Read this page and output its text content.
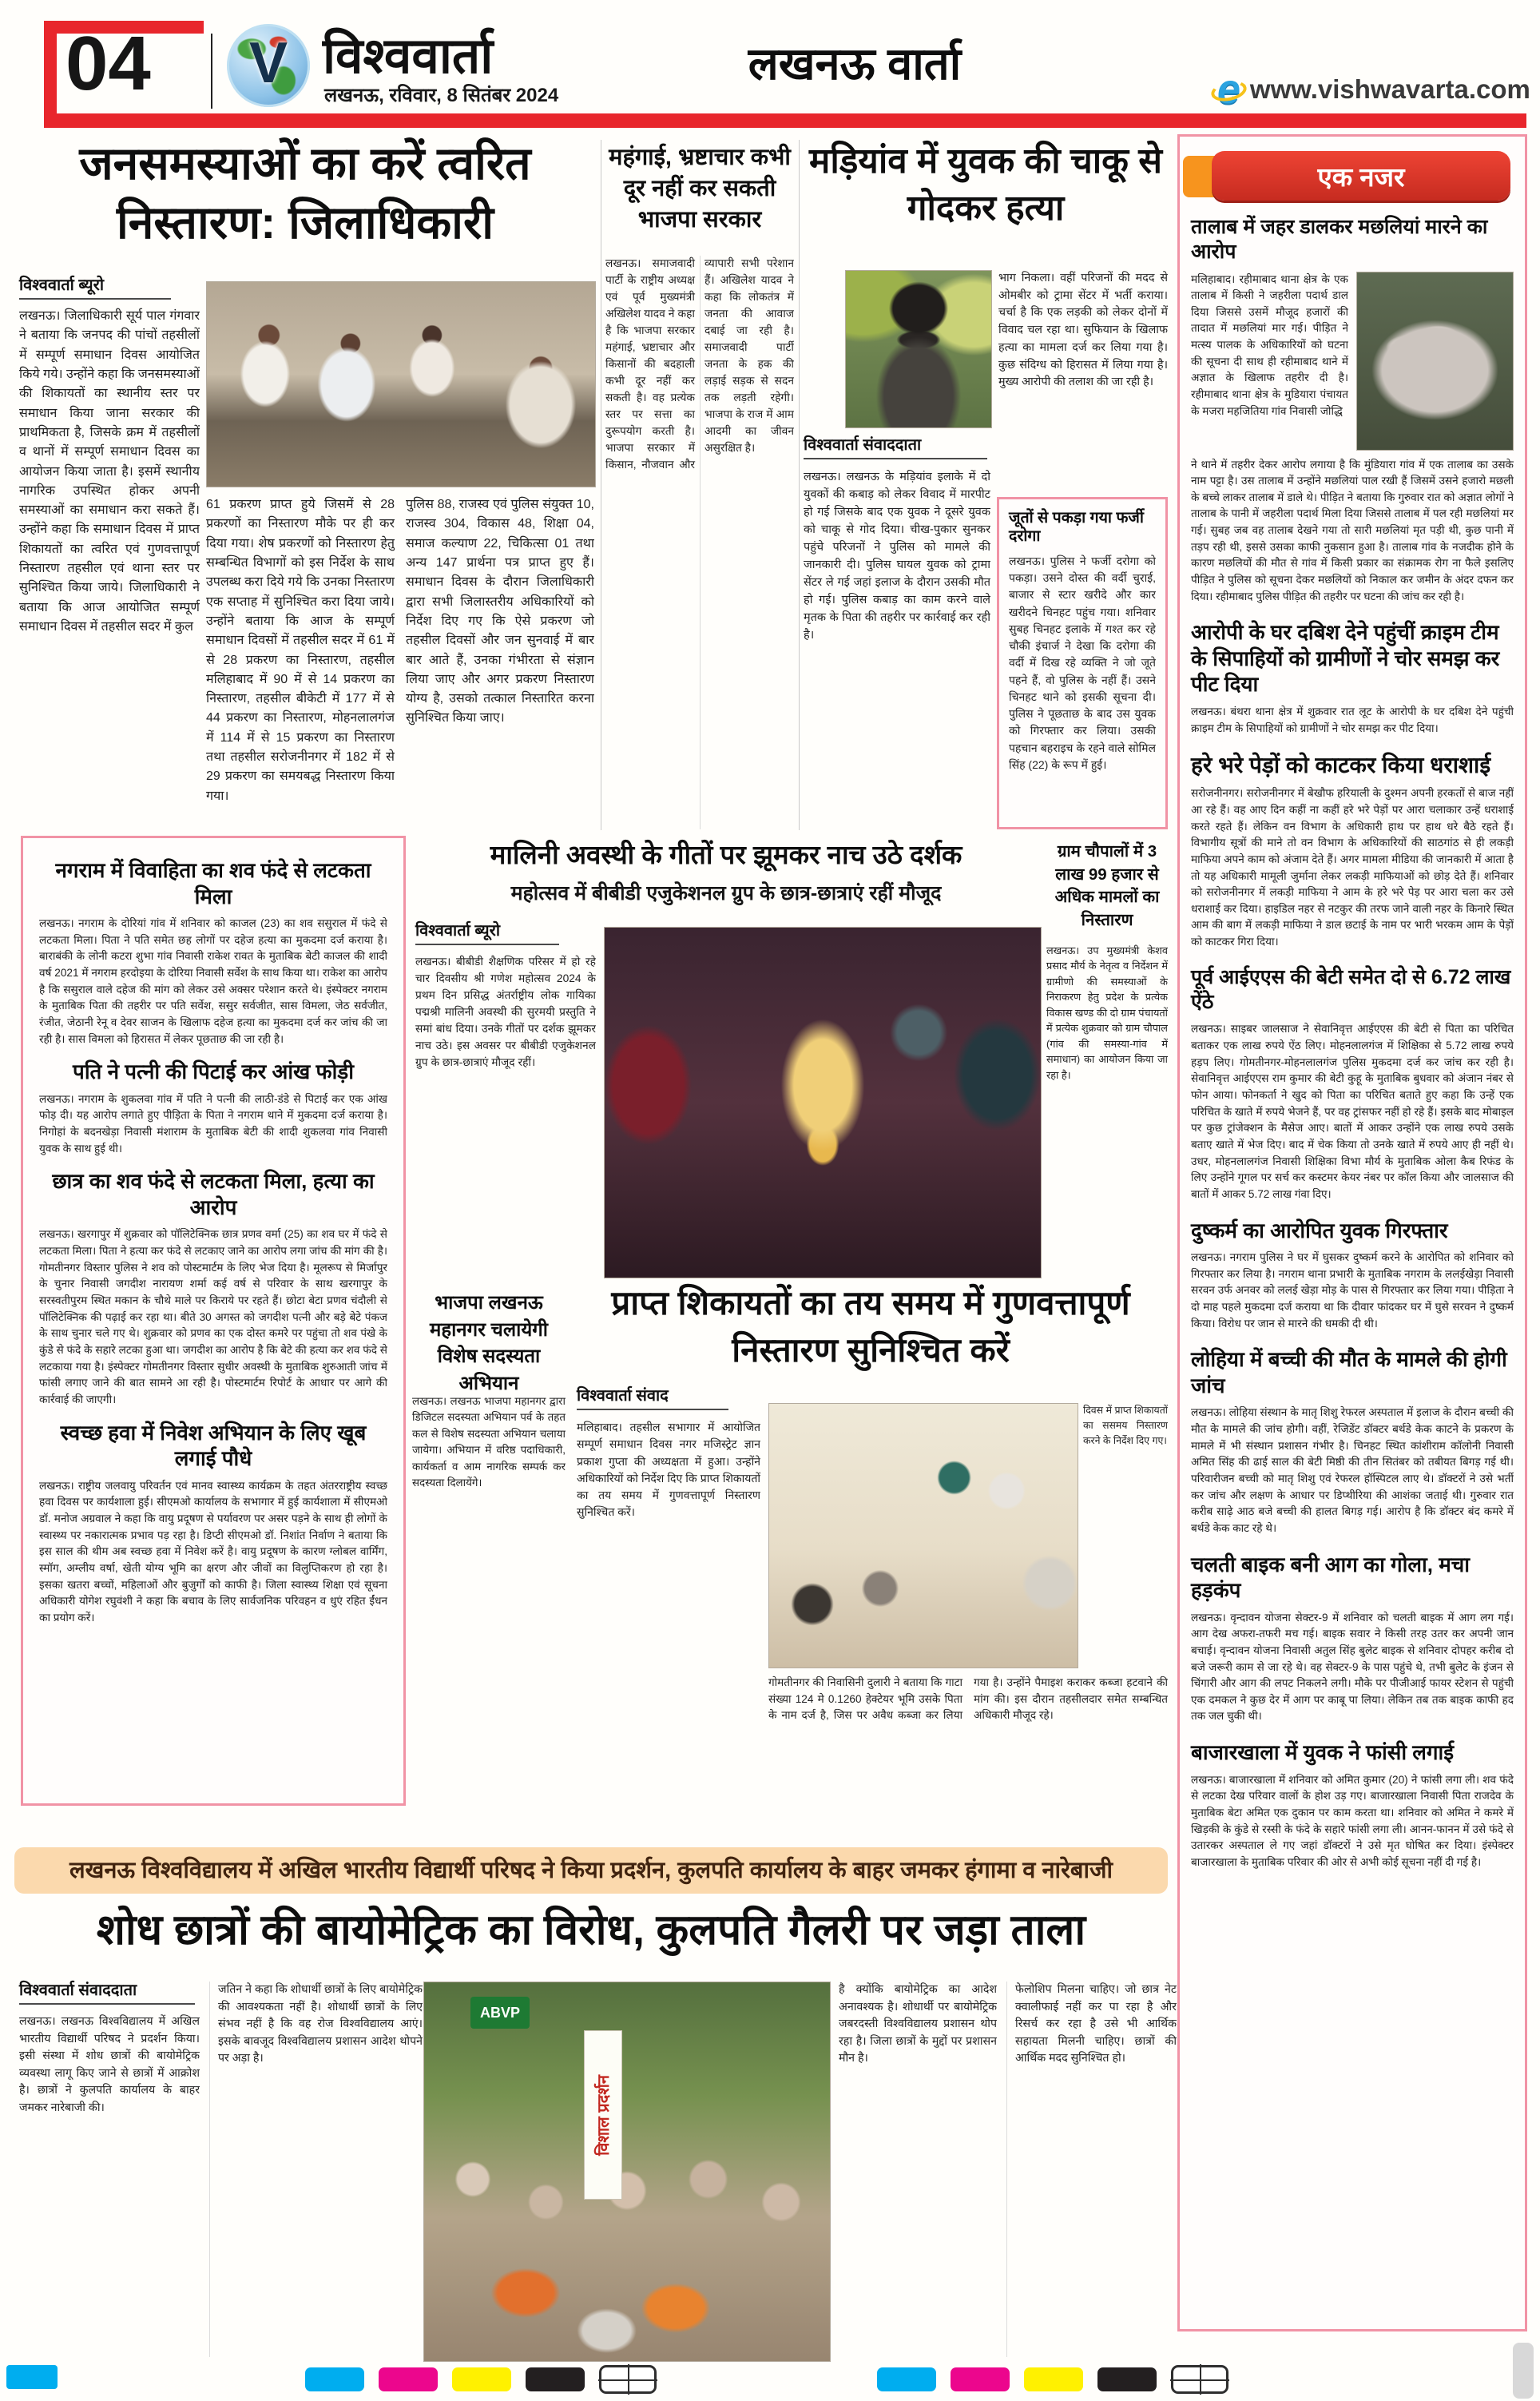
04	V विश्ववार्ता
लखनऊ, रविवार, 8 सितंबर 2024
लखनऊ वार्ता
e www.vishwavarta.com
जनसमस्याओं का करें त्वरित निस्तारण: जिलाधिकारी
विश्ववार्ता ब्यूरो
लखनऊ। जिलाधिकारी सूर्य पाल गंगवार ने बताया कि जनपद की पांचों तहसीलों में सम्पूर्ण समाधान दिवस आयोजित किये गये। उन्होंने कहा कि जनसमस्याओं की शिकायतों का स्थानीय स्तर पर समाधान किया जाना सरकार की प्राथमिकता है, जिसके क्रम में तहसीलों व थानों में सम्पूर्ण समाधान दिवस का आयोजन किया जाता है। इसमें स्थानीय नागरिक उपस्थित होकर अपनी समस्याओं का समाधान करा सकते हैं। उन्होंने कहा कि समाधान दिवस में प्राप्त शिकायतों का त्वरित एवं गुणवत्तापूर्ण निस्तारण तहसील एवं थाना स्तर पर सुनिश्चित किया जाये। जिलाधिकारी ने बताया कि आज आयोजित सम्पूर्ण समाधान दिवस में तहसील सदर में कुल
61 प्रकरण प्राप्त हुये जिसमें से 28 प्रकरणों का निस्तारण मौके पर ही कर दिया गया। शेष प्रकरणों को निस्तारण हेतु सम्बन्धित विभागों को इस निर्देश के साथ उपलब्ध करा दिये गये कि उनका निस्तारण एक सप्ताह में सुनिश्चित करा दिया जाये। उन्होंने बताया कि आज के सम्पूर्ण समाधान दिवसों में तहसील सदर में 61 में से 28 प्रकरण का निस्तारण, तहसील मलिहाबाद में 90 में से 14 प्रकरण का निस्तारण, तहसील बीकेटी में 177 में से 44 प्रकरण का निस्तारण, मोहनलालगंज में 114 में से 15 प्रकरण का निस्तारण तथा तहसील सरोजनीनगर में 182 में से 29 प्रकरण का समयबद्ध निस्तारण किया गया।
पुलिस 88, राजस्व एवं पुलिस संयुक्त 10, राजस्व 304, विकास 48, शिक्षा 04, समाज कल्याण 22, चिकित्सा 01 तथा अन्य 147 प्रार्थना पत्र प्राप्त हुए हैं। समाधान दिवस के दौरान जिलाधिकारी द्वारा सभी जिलास्तरीय अधिकारियों को निर्देश दिए गए कि ऐसे प्रकरण जो तहसील दिवसों और जन सुनवाई में बार बार आते हैं, उनका गंभीरता से संज्ञान लिया जाए और अगर प्रकरण निस्तारण योग्य है, उसको तत्काल निस्तारित करना सुनिश्चित किया जाए।
महंगाई, भ्रष्टाचार कभी दूर नहीं कर सकती भाजपा सरकार
लखनऊ। समाजवादी पार्टी के राष्ट्रीय अध्यक्ष एवं पूर्व मुख्यमंत्री अखिलेश यादव ने कहा है कि भाजपा सरकार महंगाई, भ्रष्टाचार और किसानों की बदहाली कभी दूर नहीं कर सकती है। वह प्रत्येक स्तर पर सत्ता का दुरूपयोग करती है। भाजपा सरकार में किसान, नौजवान और व्यापारी सभी परेशान हैं। अखिलेश यादव ने कहा कि लोकतंत्र में जनता की आवाज दबाई जा रही है। समाजवादी पार्टी जनता के हक की लड़ाई सड़क से सदन तक लड़ती रहेगी। भाजपा के राज में आम आदमी का जीवन असुरक्षित है।
मड़ियांव में युवक की चाकू से गोदकर हत्या
भाग निकला। वहीं परिजनों की मदद से ओमबीर को ट्रामा सेंटर में भर्ती कराया। चर्चा है कि एक लड़की को लेकर दोनों में विवाद चल रहा था। सुफियान के खिलाफ हत्या का मामला दर्ज कर लिया गया है। कुछ संदिग्ध को हिरासत में लिया गया है। मुख्य आरोपी की तलाश की जा रही है।
विश्ववार्ता संवाददाता
लखनऊ। लखनऊ के मड़ियांव इलाके में दो युवकों की कबाड़ को लेकर विवाद में मारपीट हो गई जिसके बाद एक युवक ने दूसरे युवक को चाकू से गोद दिया। चीख-पुकार सुनकर पहुंचे परिजनों ने पुलिस को मामले की जानकारी दी। पुलिस घायल युवक को ट्रामा सेंटर ले गई जहां इलाज के दौरान उसकी मौत हो गई। पुलिस कबाड़ का काम करने वाले मृतक के पिता की तहरीर पर कार्रवाई कर रही है।
जूतों से पकड़ा गया फर्जी दरोगा
लखनऊ। पुलिस ने फर्जी दरोगा को पकड़ा। उसने दोस्त की वर्दी चुराई, बाजार से स्टार खरीदे और कार खरीदने चिनहट पहुंच गया। शनिवार सुबह चिनहट इलाके में गश्त कर रहे चौकी इंचार्ज ने देखा कि दरोगा की वर्दी में दिख रहे व्यक्ति ने जो जूते पहने हैं, वो पुलिस के नहीं हैं। उसने चिनहट थाने को इसकी सूचना दी। पुलिस ने पूछताछ के बाद उस युवक को गिरफ्तार कर लिया। उसकी पहचान बहराइच के रहने वाले सोमिल सिंह (22) के रूप में हुई।
एक नजर
तालाब में जहर डालकर मछलियां मारने का आरोप
मलिहाबाद। रहीमाबाद थाना क्षेत्र के एक तालाब में किसी ने जहरीला पदार्थ डाल दिया जिससे उसमें मौजूद हजारों की तादात में मछलियां मार गई। पीड़ित ने मत्स्य पालक के अधिकारियों को घटना की सूचना दी साथ ही रहीमाबाद थाने में अज्ञात के खिलाफ तहरीर दी है। रहीमाबाद थाना क्षेत्र के मुडियारा पंचायत के मजरा महजितिया गांव निवासी जोद्धि
ने थाने में तहरीर देकर आरोप लगाया है कि मुंडियारा गांव में एक तालाब का उसके नाम पट्टा है। उस तालाब में उन्होंने मछलियां पाल रखी हैं जिसमें उसने हजारो मछली के बच्चे लाकर तालाब में डाले थे। पीड़ित ने बताया कि गुरुवार रात को अज्ञात लोगों ने तालाब के पानी में जहरीला पदार्थ मिला दिया जिससे तालाब में पल रही मछलियां मर गई। सुबह जब वह तालाब देखने गया तो सारी मछलियां मृत पड़ी थी, कुछ पानी में तड़प रही थी, इससे उसका काफी नुकसान हुआ है। तालाब गांव के नजदीक होने के कारण मछलियों की मौत से गांव में किसी प्रकार का संक्रामक रोग ना फैले इसलिए पीड़ित ने पुलिस को सूचना देकर मछलियों को निकाल कर जमीन के अंदर दफन कर दिया। रहीमाबाद पुलिस पीड़ित की तहरीर पर घटना की जांच कर रही है।
आरोपी के घर दबिश देने पहुंचीं क्राइम टीम के सिपाहियों को ग्रामीणों ने चोर समझ कर पीट दिया
लखनऊ। बंथरा थाना क्षेत्र में शुक्रवार रात लूट के आरोपी के घर दबिश देने पहुंची क्राइम टीम के सिपाहियों को ग्रामीणों ने चोर समझ कर पीट दिया।
हरे भरे पेड़ों को काटकर किया धराशाई
सरोजनीनगर। सरोजनीनगर में बेखौफ हरियाली के दुश्मन अपनी हरकतों से बाज नहीं आ रहे हैं। वह आए दिन कहीं ना कहीं हरे भरे पेड़ों पर आरा चलाकार उन्हें धराशाई करते रहते हैं। लेकिन वन विभाग के अधिकारी हाथ पर हाथ धरे बैठे रहते हैं। विभागीय सूत्रों की माने तो वन विभाग के अधिकारियों की साठगांठ से ही लकड़ी माफिया अपने काम को अंजाम देते हैं। अगर मामला मीडिया की जानकारी में आता है तो यह अधिकारी मामूली जुर्माना लेकर लकड़ी माफियाओं को छोड़ देते हैं। शनिवार को सरोजनीनगर में लकड़ी माफिया ने आम के हरे भरे पेड़ पर आरा चला कर उसे धराशाई कर दिया। हाइडिल नहर से नटकुर की तरफ जाने वाली नहर के किनारे स्थित आम की बाग में लकड़ी माफिया ने डाल छटाई के नाम पर भारी भरकम आम के पेड़ों को काटकर गिरा दिया।
पूर्व आईएएस की बेटी समेत दो से 6.72 लाख ऐंठे
लखनऊ। साइबर जालसाज ने सेवानिवृत्त आईएएस की बेटी से पिता का परिचित बताकर एक लाख रुपये ऐंठ लिए। मोहनलालगंज में शिक्षिका से 5.72 लाख रुपये हड़प लिए। गोमतीनगर-मोहनलालगंज पुलिस मुकदमा दर्ज कर जांच कर रही है। सेवानिवृत्त आईएएस राम कुमार की बेटी कुहू के मुताबिक बुधवार को अंजान नंबर से फोन आया। फोनकर्ता ने खुद को पिता का परिचित बताते हुए कहा कि उन्हें एक परिचित के खाते में रुपये भेजने हैं, पर वह ट्रांसफर नहीं हो रहे हैं। इसके बाद मोबाइल पर कुछ ट्रांजेक्शन के मैसेज आए। बातों में आकर उन्होंने एक लाख रुपये उसके बताए खाते में भेज दिए। बाद में चेक किया तो उनके खाते में रुपये आए ही नहीं थे। उधर, मोहनलालगंज निवासी शिक्षिका विभा मौर्य के मुताबिक ओला कैब रिफंड के लिए उन्होंने गूगल पर सर्च कर कस्टमर केयर नंबर पर कॉल किया और जालसाज की बातों में आकर 5.72 लाख गंवा दिए।
दुष्कर्म का आरोपित युवक गिरफ्तार
लखनऊ। नगराम पुलिस ने घर में घुसकर दुष्कर्म करने के आरोपित को शनिवार को गिरफ्तार कर लिया है। नगराम थाना प्रभारी के मुताबिक नगराम के ललईखेड़ा निवासी सरवन उर्फ अनवर को ललई खेड़ा मोड़ के पास से गिरफ्तार कर लिया गया। पीड़िता ने दो माह पहले मुकदमा दर्ज कराया था कि दीवार फांदकर घर में घुसे सरवन ने दुष्कर्म किया। विरोध पर जान से मारने की धमकी दी थी।
लोहिया में बच्ची की मौत के मामले की होगी जांच
लखनऊ। लोहिया संस्थान के मातृ शिशु रेफरल अस्पताल में इलाज के दौरान बच्ची की मौत के मामले की जांच होगी। वहीं, रेजिडेंट डॉक्टर बर्थडे केक काटने के प्रकरण के मामले में भी संस्थान प्रशासन गंभीर है। चिनहट स्थित कांशीराम कॉलोनी निवासी अमित सिंह की ढाई साल की बेटी मिष्ठी की तीन सितंबर को तबीयत बिगड़ गई थी। परिवारीजन बच्ची को मातृ शिशु एवं रेफरल हॉस्पिटल लाए थे। डॉक्टरों ने उसे भर्ती कर जांच और लक्षण के आधार पर डिप्थीरिया की आशंका जताई थी। गुरुवार रात करीब साढ़े आठ बजे बच्ची की हालत बिगड़ गई। आरोप है कि डॉक्टर बंद कमरे में बर्थडे केक काट रहे थे।
चलती बाइक बनी आग का गोला, मचा हड़कंप
लखनऊ। वृन्दावन योजना सेक्टर-9 में शनिवार को चलती बाइक में आग लग गई। आग देख अफरा-तफरी मच गई। बाइक सवार ने किसी तरह उतर कर अपनी जान बचाई। वृन्दावन योजना निवासी अतुल सिंह बुलेट बाइक से शनिवार दोपहर करीब दो बजे जरूरी काम से जा रहे थे। वह सेक्टर-9 के पास पहुंचे थे, तभी बुलेट के इंजन से चिंगारी और आग की लपट निकलने लगी। मौके पर पीजीआई फायर स्टेशन से पहुंची एक दमकल ने कुछ देर में आग पर काबू पा लिया। लेकिन तब तक बाइक काफी हद तक जल चुकी थी।
बाजारखाला में युवक ने फांसी लगाई
लखनऊ। बाजारखाला में शनिवार को अमित कुमार (20) ने फांसी लगा ली। शव फंदे से लटका देख परिवार वालों के होश उड़ गए। बाजारखाला निवासी पिता राजदेव के मुताबिक बेटा अमित एक दुकान पर काम करता था। शनिवार को अमित ने कमरे में खिड़की के कुंडे से रस्सी के फंदे के सहारे फांसी लगा ली। आनन-फानन में उसे फंदे से उतारकर अस्पताल ले गए जहां डॉक्टरों ने उसे मृत घोषित कर दिया। इंस्पेक्टर बाजारखाला के मुताबिक परिवार की ओर से अभी कोई सूचना नहीं दी गई है।
नगराम में विवाहिता का शव फंदे से लटकता मिला
लखनऊ। नगराम के दोरियां गांव में शनिवार को काजल (23) का शव ससुराल में फंदे से लटकता मिला। पिता ने पति समेत छह लोगों पर दहेज हत्या का मुकदमा दर्ज कराया है। बाराबंकी के लोनी कटरा शुभा गांव निवासी राकेश रावत के मुताबिक बेटी काजल की शादी वर्ष 2021 में नगराम हरदोइया के दोरिया निवासी सर्वेश के साथ किया था। राकेश का आरोप है कि ससुराल वाले दहेज की मांग को लेकर उसे अक्सर परेशान करते थे। इंस्पेक्टर नगराम के मुताबिक पिता की तहरीर पर पति सर्वेश, ससुर सर्वजीत, सास विमला, जेठ सर्वजीत, रंजीत, जेठानी रेनू व देवर साजन के खिलाफ दहेज हत्या का मुकदमा दर्ज कर जांच की जा रही है। सास विमला को हिरासत में लेकर पूछताछ की जा रही है।
पति ने पत्नी की पिटाई कर आंख फोड़ी
लखनऊ। नगराम के शुकलवा गांव में पति ने पत्नी की लाठी-डंडे से पिटाई कर एक आंख फोड़ दी। यह आरोप लगाते हुए पीड़िता के पिता ने नगराम थाने में मुकदमा दर्ज कराया है। निगोहां के बदनखेड़ा निवासी मंशाराम के मुताबिक बेटी की शादी शुकलवा गांव निवासी युवक के साथ हुई थी।
छात्र का शव फंदे से लटकता मिला, हत्या का आरोप
लखनऊ। खरगापुर में शुक्रवार को पॉलिटेक्निक छात्र प्रणव वर्मा (25) का शव घर में फंदे से लटकता मिला। पिता ने हत्या कर फंदे से लटकाए जाने का आरोप लगा जांच की मांग की है। गोमतीनगर विस्तार पुलिस ने शव को पोस्टमार्टम के लिए भेज दिया है। मूलरूप से मिर्जापुर के चुनार निवासी जगदीश नारायण शर्मा कई वर्ष से परिवार के साथ खरगापुर के सरस्वतीपुरम स्थित मकान के चौथे माले पर किराये पर रहते हैं। छोटा बेटा प्रणव चंदौली से पॉलिटेक्निक की पढ़ाई कर रहा था। बीते 30 अगस्त को जगदीश पत्नी और बड़े बेटे पंकज के साथ चुनार चले गए थे। शुक्रवार को प्रणव का एक दोस्त कमरे पर पहुंचा तो शव पंखे के कुंडे से फंदे के सहारे लटका हुआ था। जगदीश का आरोप है कि बेटे की हत्या कर शव फंदे से लटकाया गया है। इंस्पेक्टर गोमतीनगर विस्तार सुधीर अवस्थी के मुताबिक शुरुआती जांच में फांसी लगाए जाने की बात सामने आ रही है। पोस्टमार्टम रिपोर्ट के आधार पर आगे की कार्रवाई की जाएगी।
स्वच्छ हवा में निवेश अभियान के लिए खूब लगाई पौधे
लखनऊ। राष्ट्रीय जलवायु परिवर्तन एवं मानव स्वास्थ्य कार्यक्रम के तहत अंतरराष्ट्रीय स्वच्छ हवा दिवस पर कार्यशाला हुई। सीएमओ कार्यालय के सभागार में हुई कार्यशाला में सीएमओ डॉ. मनोज अग्रवाल ने कहा कि वायु प्रदूषण से पर्यावरण पर असर पड़ने के साथ ही लोगों के स्वास्थ्य पर नकारात्मक प्रभाव पड़ रहा है। डिप्टी सीएमओ डॉ. निशांत निर्वाण ने बताया कि इस साल की थीम अब स्वच्छ हवा में निवेश करें है। वायु प्रदूषण के कारण ग्लोबल वार्मिंग, स्मॉग, अम्लीय वर्षा, खेती योग्य भूमि का क्षरण और जीवों का विलुप्तिकरण हो रहा है। इसका खतरा बच्चों, महिलाओं और बुजुर्गों को काफी है। जिला स्वास्थ्य शिक्षा एवं सूचना अधिकारी योगेश रघुवंशी ने कहा कि बचाव के लिए सार्वजनिक परिवहन व धुएं रहित ईंधन का प्रयोग करें।
मालिनी अवस्थी के गीतों पर झूमकर नाच उठे दर्शक
महोत्सव में बीबीडी एजुकेशनल ग्रुप के छात्र-छात्राएं रहीं मौजूद
विश्ववार्ता ब्यूरो
लखनऊ। बीबीडी शैक्षणिक परिसर में हो रहे चार दिवसीय श्री गणेश महोत्सव 2024 के प्रथम दिन प्रसिद्ध अंतर्राष्ट्रीय लोक गायिका पद्मश्री मालिनी अवस्थी की सुरमयी प्रस्तुति ने समां बांध दिया। उनके गीतों पर दर्शक झूमकर नाच उठे। इस अवसर पर बीबीडी एजुकेशनल ग्रुप के छात्र-छात्राएं मौजूद रहीं।
ग्राम चौपालों में 3 लाख 99 हजार से अधिक मामलों का निस्तारण
लखनऊ। उप मुख्यमंत्री केशव प्रसाद मौर्य के नेतृत्व व निर्देशन में ग्रामीणो की समस्याओं के निराकरण हेतु प्रदेश के प्रत्येक विकास खण्ड की दो ग्राम पंचायतों में प्रत्येक शुक्रवार को ग्राम चौपाल (गांव की समस्या-गांव में समाधान) का आयोजन किया जा रहा है।
भाजपा लखनऊ महानगर चलायेगी विशेष सदस्यता अभियान
लखनऊ। लखनऊ भाजपा महानगर द्वारा डिजिटल सदस्यता अभियान पर्व के तहत कल से विशेष सदस्यता अभियान चलाया जायेगा। अभियान में वरिष्ठ पदाधिकारी, कार्यकर्ता व आम नागरिक सम्पर्क कर सदस्यता दिलायेंगे।
प्राप्त शिकायतों का तय समय में गुणवत्तापूर्ण निस्तारण सुनिश्चित करें
विश्ववार्ता संवाद
मलिहाबाद। तहसील सभागार में आयोजित सम्पूर्ण समाधान दिवस नगर मजिस्ट्रेट ज्ञान प्रकाश गुप्ता की अध्यक्षता में हुआ। उन्होंने अधिकारियों को निर्देश दिए कि प्राप्त शिकायतों का तय समय में गुणवत्तापूर्ण निस्तारण सुनिश्चित करें।
दिवस में प्राप्त शिकायतों का ससमय निस्तारण करने के निर्देश दिए गए।
गोमतीनगर की निवासिनी दुलारी ने बताया कि गाटा संख्या 124 मे 0.1260 हेक्टेयर भूमि उसके पिता के नाम दर्ज है, जिस पर अवैध कब्जा कर लिया गया है। उन्होंने पैमाइश कराकर कब्जा हटवाने की मांग की। इस दौरान तहसीलदार समेत सम्बन्धित अधिकारी मौजूद रहे।
लखनऊ विश्वविद्यालय में अखिल भारतीय विद्यार्थी परिषद ने किया प्रदर्शन, कुलपति कार्यालय के बाहर जमकर हंगामा व नारेबाजी
शोध छात्रों की बायोमेट्रिक का विरोध, कुलपति गैलरी पर जड़ा ताला
विश्ववार्ता संवाददाता
लखनऊ। लखनऊ विश्वविद्यालय में अखिल भारतीय विद्यार्थी परिषद ने प्रदर्शन किया। इसी संस्था में शोध छात्रों की बायोमेट्रिक व्यवस्था लागू किए जाने से छात्रों में आक्रोश है। छात्रों ने कुलपति कार्यालय के बाहर जमकर नारेबाजी की।
जतिन ने कहा कि शोधार्थी छात्रों के लिए बायोमेट्रिक की आवश्यकता नहीं है। शोधार्थी छात्रों के लिए संभव नहीं है कि वह रोज विश्वविद्यालय आएं। इसके बावजूद विश्वविद्यालय प्रशासन आदेश थोपने पर अड़ा है।
ABVP
विशाल प्रदर्शन
है क्योंकि बायोमेट्रिक का आदेश अनावश्यक है। शोधार्थी पर बायोमेट्रिक जबरदस्ती विश्वविद्यालय प्रशासन थोप रहा है। जिला छात्रों के मुद्दों पर प्रशासन मौन है।
फेलोशिप मिलना चाहिए। जो छात्र नेट क्वालीफाई नहीं कर पा रहा है और रिसर्च कर रहा है उसे भी आर्थिक सहायता मिलनी चाहिए। छात्रों की आर्थिक मदद सुनिश्चित हो।
